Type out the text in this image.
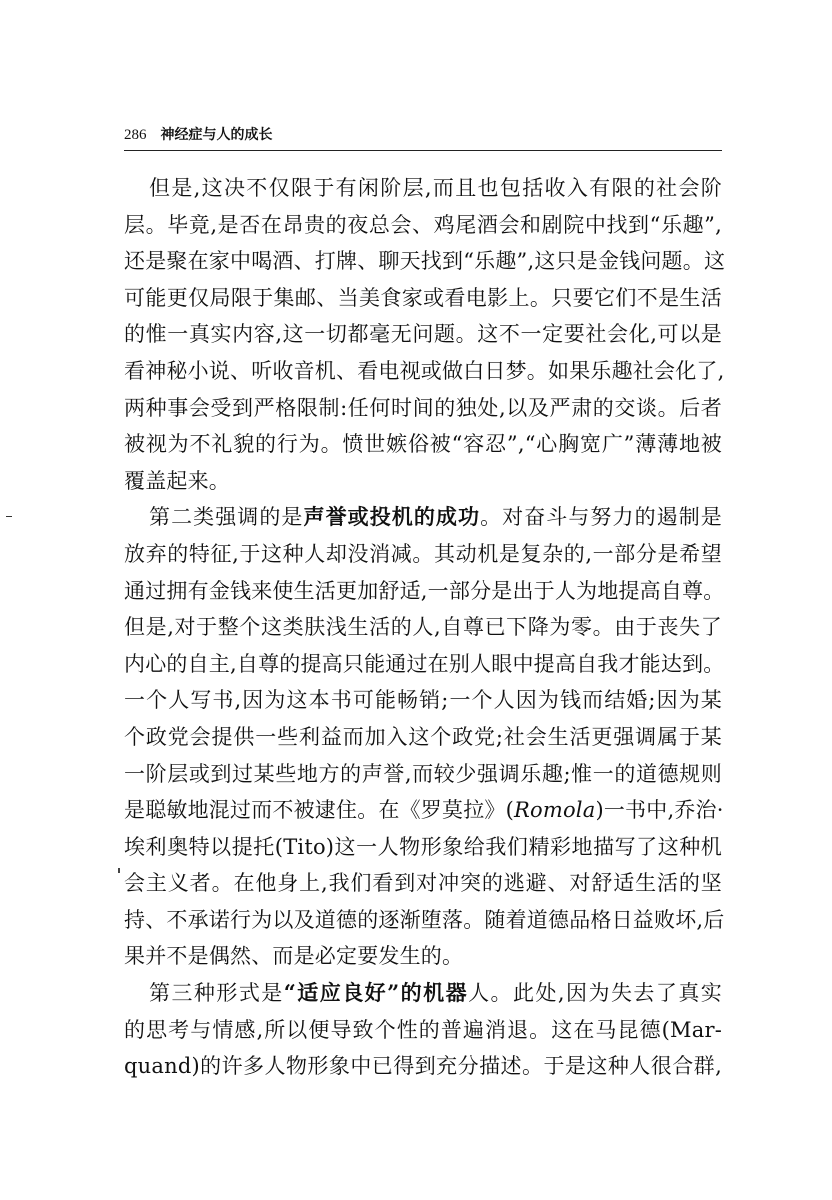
286 神经症与人的成长
但是,这决不仅限于有闲阶层,而且也包括收入有限的社会阶
层。毕竟,是否在昂贵的夜总会、鸡尾酒会和剧院中找到“乐趣”,
还是聚在家中喝酒、打牌、聊天找到“乐趣”,这只是金钱问题。这
可能更仅局限于集邮、当美食家或看电影上。只要它们不是生活
的惟一真实内容,这一切都毫无问题。这不一定要社会化,可以是
看神秘小说、听收音机、看电视或做白日梦。如果乐趣社会化了,
两种事会受到严格限制:任何时间的独处,以及严肃的交谈。后者
被视为不礼貌的行为。愤世嫉俗被“容忍”,“心胸宽广”薄薄地被
覆盖起来。
第二类强调的是声誉或投机的成功。对奋斗与努力的遏制是
放弃的特征,于这种人却没消减。其动机是复杂的,一部分是希望
通过拥有金钱来使生活更加舒适,一部分是出于人为地提高自尊。
但是,对于整个这类肤浅生活的人,自尊已下降为零。由于丧失了
内心的自主,自尊的提高只能通过在别人眼中提高自我才能达到。
一个人写书,因为这本书可能畅销;一个人因为钱而结婚;因为某
个政党会提供一些利益而加入这个政党;社会生活更强调属于某
一阶层或到过某些地方的声誉,而较少强调乐趣;惟一的道德规则
是聪敏地混过而不被逮住。在《罗莫拉》(Romola)一书中,乔治·
埃利奥特以提托(Tito)这一人物形象给我们精彩地描写了这种机
会主义者。在他身上,我们看到对冲突的逃避、对舒适生活的坚
持、不承诺行为以及道德的逐渐堕落。随着道德品格日益败坏,后
果并不是偶然、而是必定要发生的。
第三种形式是“适应良好”的机器人。此处,因为失去了真实
的思考与情感,所以便导致个性的普遍消退。这在马昆德(Mar-
quand)的许多人物形象中已得到充分描述。于是这种人很合群,
